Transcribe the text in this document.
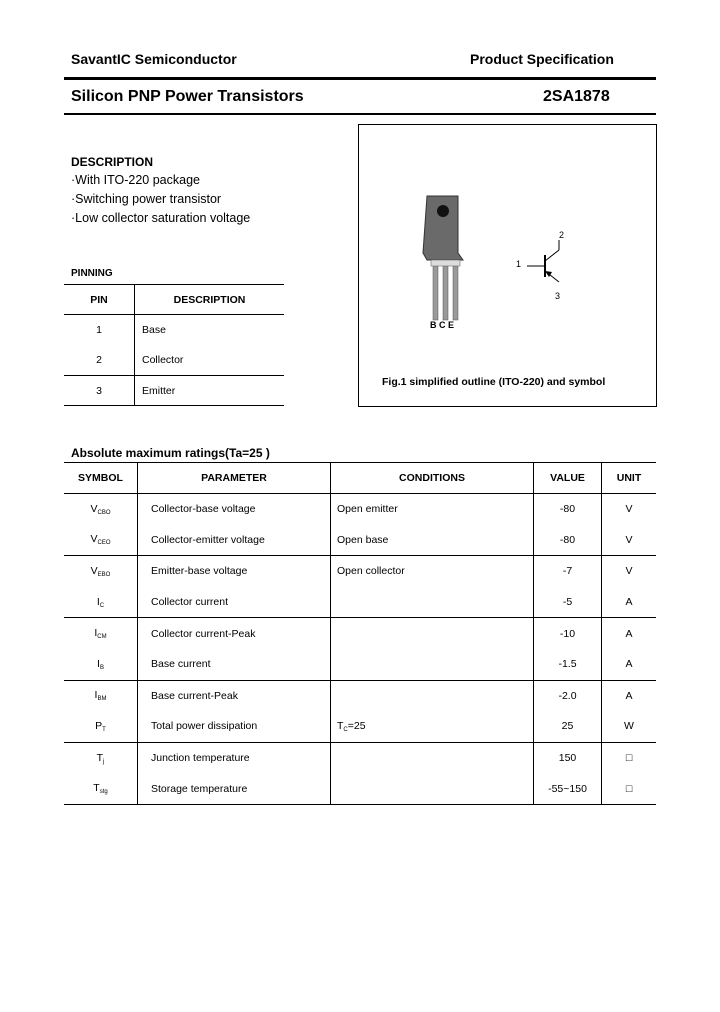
SavantIC Semiconductor	Product Specification
Silicon PNP Power Transistors	2SA1878
DESCRIPTION
·With ITO-220 package
·Switching power transistor
·Low collector saturation voltage
PINNING
PIN	DESCRIPTION
1	Base
2	Collector
3	Emitter
B C E
1
2
3
Fig.1 simplified outline (ITO-220) and symbol
Absolute maximum ratings(Ta=25 )
SYMBOL	PARAMETER	CONDITIONS	VALUE	UNIT
$V_{CBO}$	Collector-base voltage	Open emitter	-80	V
$V_{CEO}$	Collector-emitter voltage	Open base	-80	V
$V_{EBO}$	Emitter-base voltage	Open collector	-7	V
$I_C$	Collector current		-5	A
$I_{CM}$	Collector current-Peak		-10	A
$I_B$	Base current		-1.5	A
$I_{BM}$	Base current-Peak		-2.0	A
$P_T$	Total power dissipation	$T_C=25$	25	W
$T_j$	Junction temperature		150	□
$T_{stg}$	Storage temperature		-55~150	□
